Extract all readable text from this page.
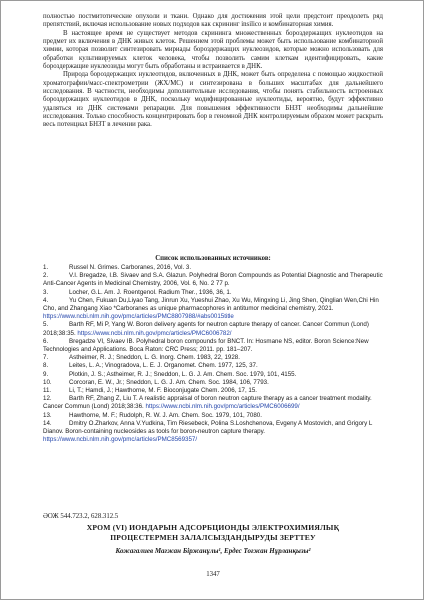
полностью постмитотические опухоли и ткани. Однако для достижения этой цели предстоит преодолеть ряд препятствий, включая использование новых подходов как скрининг insilico и комбинаторная химия.

В настоящее время не существует методов скрининга множественных бороздержащих нуклеотидов на предмет их включения в ДНК живых клеток. Решением этой проблемы может быть использование комбинаторной химии, которая позволит синтезировать мириады бороздержащих нуклеозидов, которые можно использовать для обработки культивируемых клеток человека, чтобы позволить самим клеткам идентифицировать, какие бороздержащие нуклеозиды могут быть обработаны и встраивается в ДНК.

Природа бороздержащих нуклеотидов, включенных в ДНК, может быть определена с помощью жидкостной хроматографии/масс-спектрометрии (ЖХ/МС) и синтезирована в больших масштабах для дальнейшего исследования. В частности, необходимы дополнительные исследования, чтобы понять стабильность встроенных бороздержащих нуклеотидов в ДНК, поскольку модифицированные нуклеотиды, вероятно, будут эффективно удаляться из ДНК системами репарации. Для повышения эффективности БНЗТ необходимы дальнейшие исследования. Только способность концентрировать бор в геномной ДНК контролируемым образом может раскрыть весь потенциал БНЗТ в лечении рака.

Список использованных источников:

1.	Russel N. Grimes. Carboranes, 2016, Vol. 3.

2.	V.I. Bregadze, I.B. Sivaev and S.A. Glazun. Polyhedral Boron Compounds as Potential Diagnostic and Therapeutic Anti-Cancer Agents in Medicinal Chemistry, 2006, Vol. 6, No. 2 77 p.

3.	Locher, G.L. Am. J. Roentgenol. Radium Ther., 1936, 36, 1.

4.	Yu Chen, Fukuan Du,Liyao Tang, Jinrun Xu, Yueshui Zhao, Xu Wu, Mingxing Li, Jing Shen, Qinglian Wen,Chi Hin Cho, and Zhangang Xiao *Carboranes as unique pharmacophores in antitumor medicinal chemistry, 2021. https://www.ncbi.nlm.nih.gov/pmc/articles/PMC8807988/#abs0015title

5.	Barth RF, Mi P, Yang W. Boron delivery agents for neutron capture therapy of cancer. Cancer Commun (Lond) 2018;38:35. https://www.ncbi.nlm.nih.gov/pmc/articles/PMC6006782/

6.	Bregadze VI, Sivaev IB. Polyhedral boron compounds for BNCT. In: Hosmane NS, editor. Boron Science:New Technologies and Applications. Boca Raton: CRC Press; 2011. pp. 181–207.

7.	Astheimer, R. J.; Sneddon, L. G. Inorg. Chem. 1983, 22, 1928.

8.	Leites, L. A.; Vinogradova, L. E. J. Organomet. Chem. 1977, 125, 37.

9.	Plotkin, J. S.; Astheimer, R. J.; Sneddon, L. G. J. Am. Chem. Soc. 1979, 101, 4155.

10.	Corcoran, E. W., Jr.; Sneddon, L. G. J. Am. Chem. Soc. 1984, 106, 7793.

11.	Li, T.; Hamdi, J.; Hawthorne, M. F. Bioconjugate Chem. 2006, 17, 15.

12.	Barth RF, Zhang Z, Liu T. A realistic appraisal of boron neutron capture therapy as a cancer treatment modality. Cancer Commun (Lond) 2018;38:36. https://www.ncbi.nlm.nih.gov/pmc/articles/PMC6006699/

13.	Hawthorne, M. F.; Rudolph, R. W. J. Am. Chem. Soc. 1979, 101, 7080.

14.	Dmitry O.Zharkov, Anna V.Yudkina, Tim Riesebeck, Polina S.Loshchenova, Evgeny A Mostovich, and Grigory L Dianov. Boron-containing nucleosides as tools for boron-neutron capture therapy. https://www.ncbi.nlm.nih.gov/pmc/articles/PMC8569357/

ӘОЖ 544.723.2, 628.312.5
ХРОМ (VI) ИОНДАРЫН АДСОРБЦИОНДЫ ЭЛЕКТРОХИМИЯЛЫҚ
ПРОЦЕСТЕРМЕН ЗАЛАЛСЫЗДАНДЫРУДЫ ЗЕРТТЕУ
Кожагалиев Мағжан Біржанұлы¹, Ердес Тоғжан Нұрланқызы²
1347
